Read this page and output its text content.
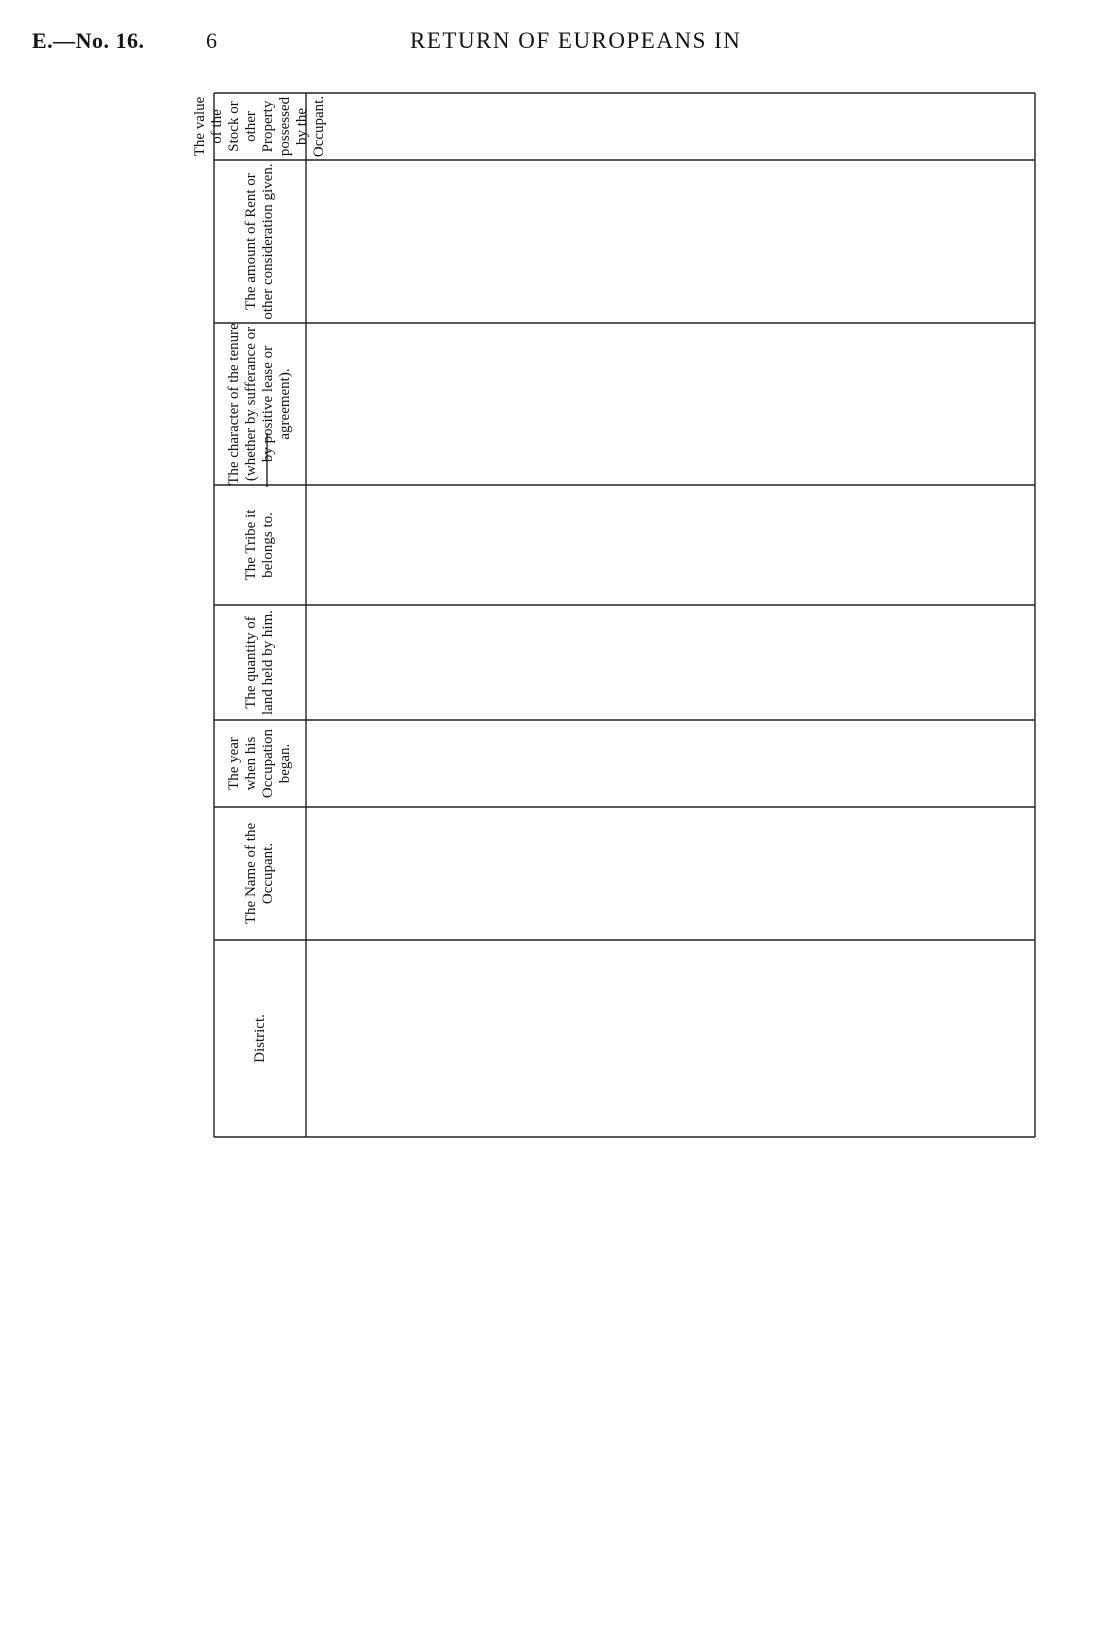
E.—No. 16.	6	RETURN OF EUROPEANS IN
District.
The Name of the Occupant.
The year when his Occupation began.
The quantity of land held by him.
The Tribe it belongs to.
The character of the tenure (whether by sufferance or by positive lease or agreement).
The amount of Rent or other consideration given.
The value of the Stock or other Property possessed by the Occupant.
